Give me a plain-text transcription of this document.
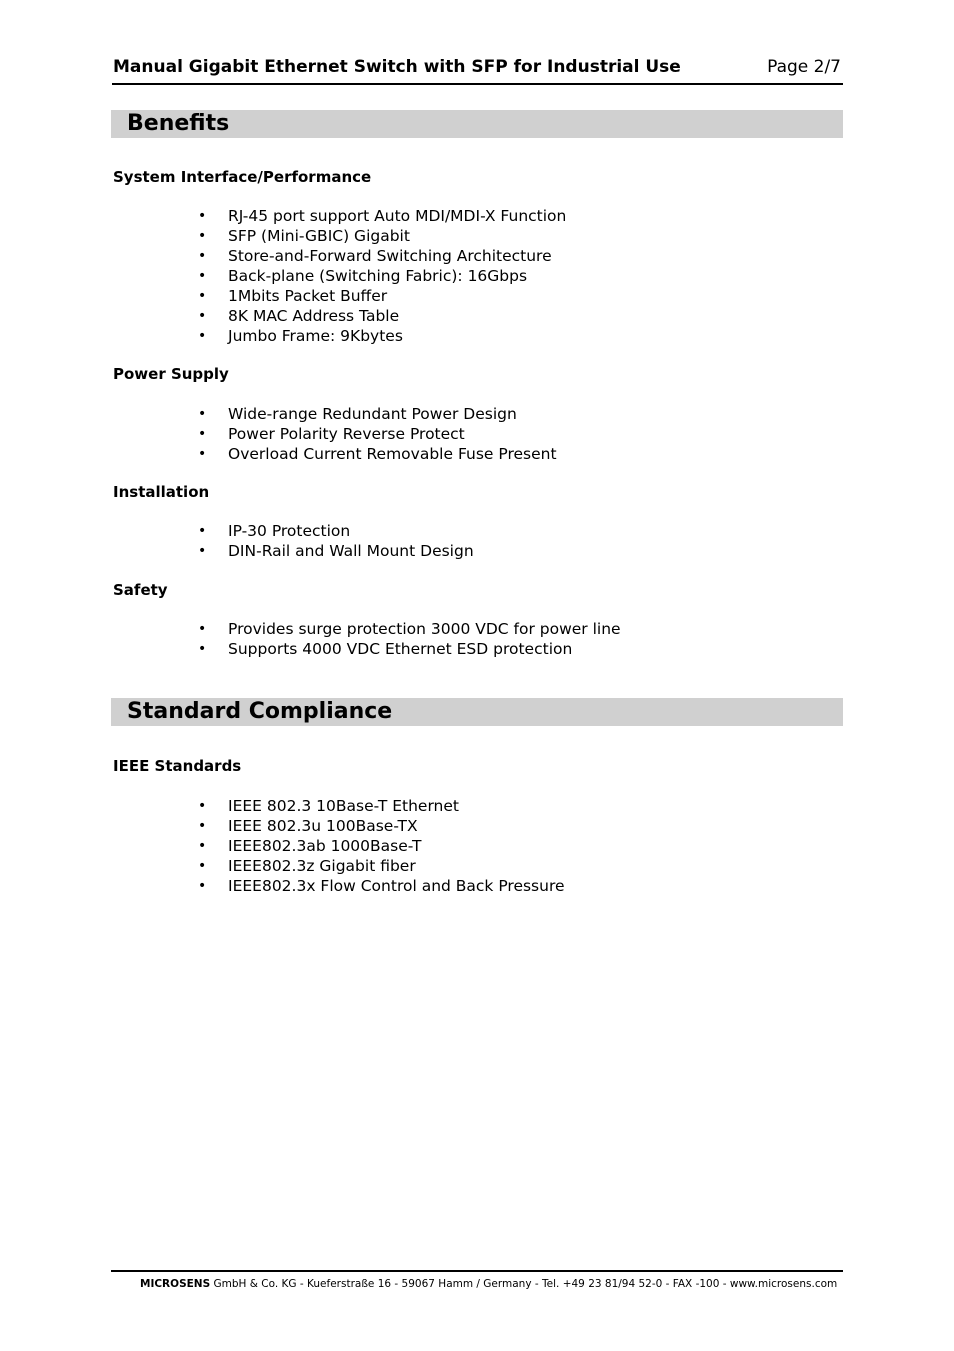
Manual Gigabit Ethernet Switch with SFP for Industrial Use	Page 2/7
Benefits
System Interface/Performance
• RJ-45 port support Auto MDI/MDI-X Function
• SFP (Mini-GBIC) Gigabit
• Store-and-Forward Switching Architecture
• Back-plane (Switching Fabric): 16Gbps
• 1Mbits Packet Buffer
• 8K MAC Address Table
• Jumbo Frame: 9Kbytes
Power Supply
• Wide-range Redundant Power Design
• Power Polarity Reverse Protect
• Overload Current Removable Fuse Present
Installation
• IP-30 Protection
• DIN-Rail and Wall Mount Design
Safety
• Provides surge protection 3000 VDC for power line
• Supports 4000 VDC Ethernet ESD protection
Standard Compliance
IEEE Standards
• IEEE 802.3 10Base-T Ethernet
• IEEE 802.3u 100Base-TX
• IEEE802.3ab 1000Base-T
• IEEE802.3z Gigabit fiber
• IEEE802.3x Flow Control and Back Pressure
MICROSENS GmbH & Co. KG - Kueferstraße 16 - 59067 Hamm / Germany - Tel. +49 23 81/94 52-0 - FAX -100 - www.microsens.com
